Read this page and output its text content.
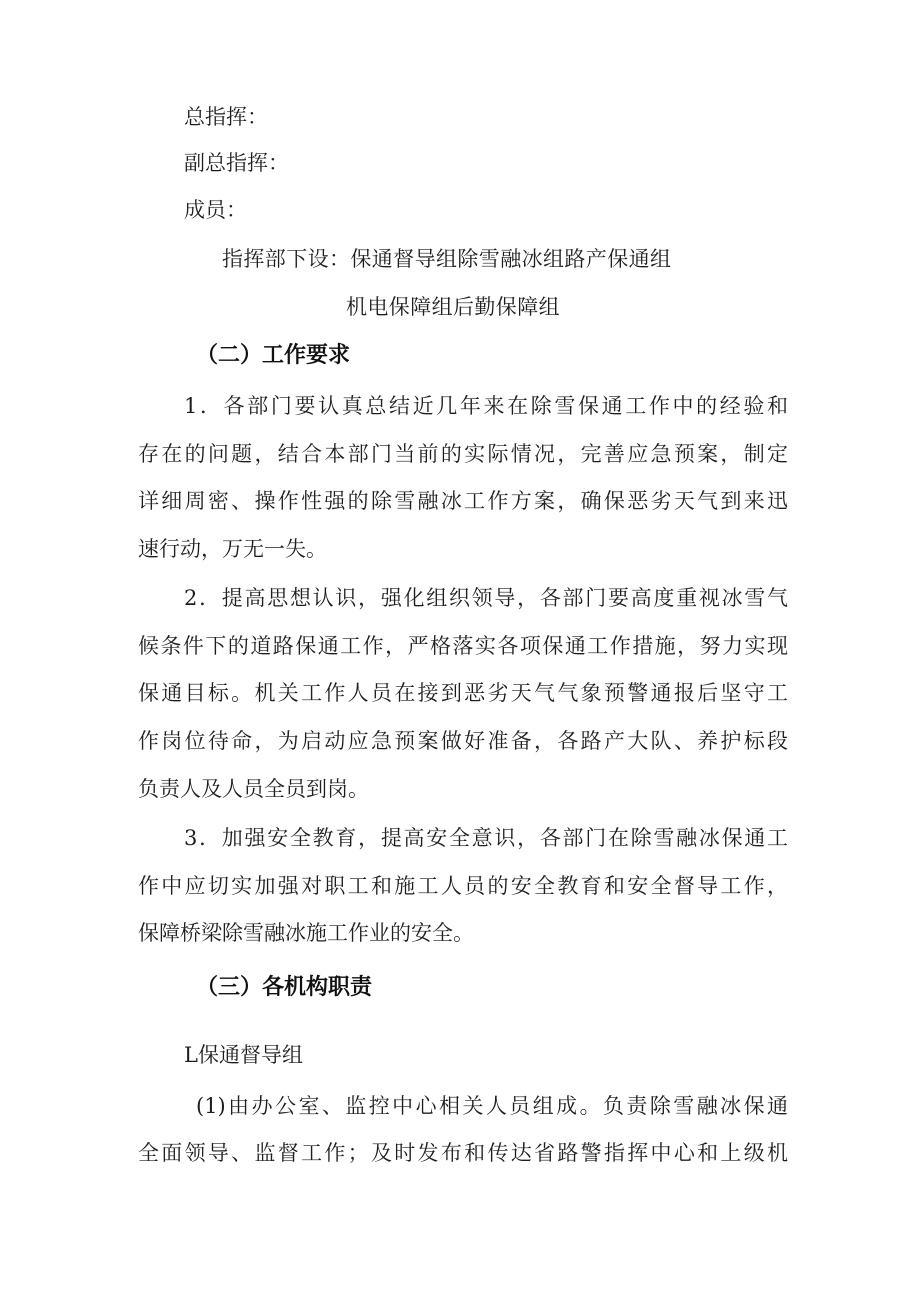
总指挥：
副总指挥：
成员：
指挥部下设：保通督导组除雪融冰组路产保通组
机电保障组后勤保障组
（二）工作要求
1．各部门要认真总结近几年来在除雪保通工作中的经验和
存在的问题，结合本部门当前的实际情况，完善应急预案，制定
详细周密、操作性强的除雪融冰工作方案，确保恶劣天气到来迅
速行动，万无一失。
2．提高思想认识，强化组织领导，各部门要高度重视冰雪气
候条件下的道路保通工作，严格落实各项保通工作措施，努力实现
保通目标。机关工作人员在接到恶劣天气气象预警通报后坚守工
作岗位待命，为启动应急预案做好准备，各路产大队、养护标段
负责人及人员全员到岗。
3．加强安全教育，提高安全意识，各部门在除雪融冰保通工
作中应切实加强对职工和施工人员的安全教育和安全督导工作，
保障桥梁除雪融冰施工作业的安全。
（三）各机构职责
L保通督导组
(1)由办公室、监控中心相关人员组成。负责除雪融冰保通
全面领导、监督工作；及时发布和传达省路警指挥中心和上级机
